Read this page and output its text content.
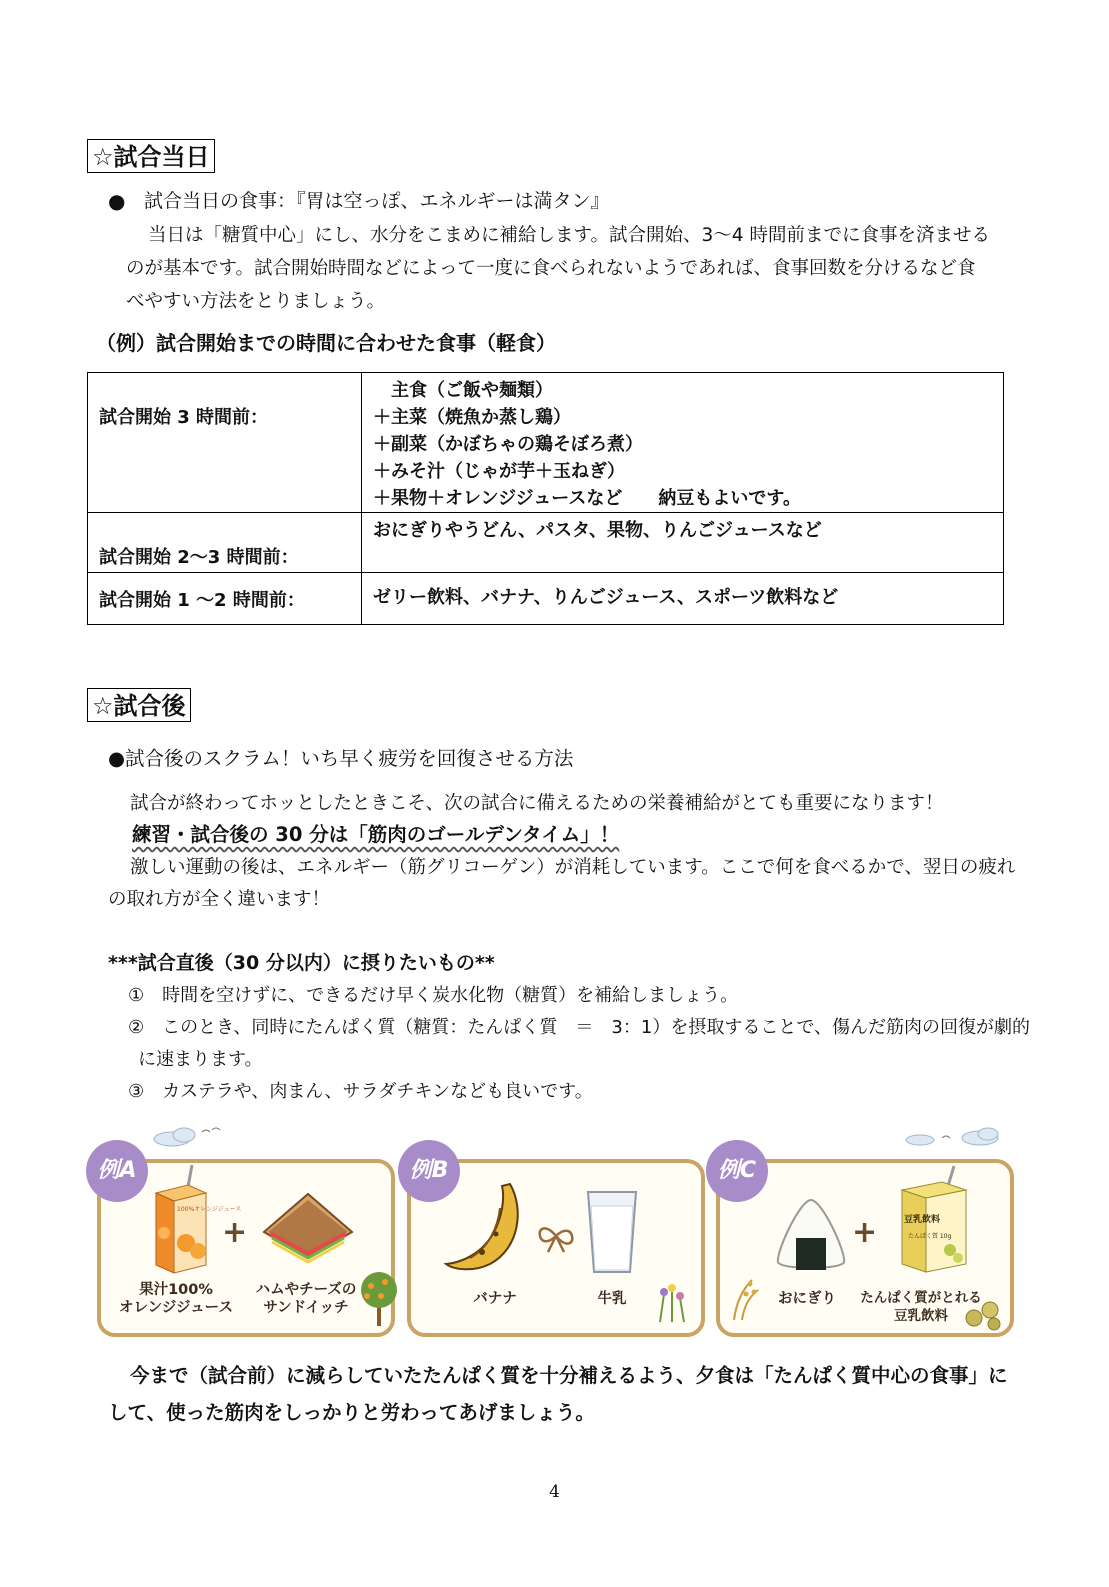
☆試合当日
● 試合当日の食事：『胃は空っぽ、エネルギーは満タン』
当日は「糖質中心」にし、水分をこまめに補給します。試合開始、3～4 時間前までに食事を済ませる
のが基本です。試合開始時間などによって一度に食べられないようであれば、食事回数を分けるなど食
べやすい方法をとりましょう。
（例）試合開始までの時間に合わせた食事（軽食）
試合開始 3 時間前：	　主食（ご飯や麺類）
＋主菜（焼魚か蒸し鶏）
＋副菜（かぼちゃの鶏そぼろ煮）
＋みそ汁（じゃが芋＋玉ねぎ）
＋果物＋オレンジジュースなど　　納豆もよいです。

試合開始 2～3 時間前：	おにぎりやうどん、パスタ、果物、りんごジュースなど
試合開始 1 ～2 時間前：	ゼリー飲料、バナナ、りんごジュース、スポーツ飲料など
☆試合後
●試合後のスクラム！いち早く疲労を回復させる方法
試合が終わってホッとしたときこそ、次の試合に備えるための栄養補給がとても重要になります！
練習・試合後の 30 分は「筋肉のゴールデンタイム」！
激しい運動の後は、エネルギー（筋グリコーゲン）が消耗しています。ここで何を食べるかで、翌日の疲れ
の取れ方が全く違います！
***試合直後（30 分以内）に摂りたいもの**
①　時間を空けずに、できるだけ早く炭水化物（糖質）を補給しましょう。
②　このとき、同時にたんぱく質（糖質：たんぱく質　＝　3：1）を摂取することで、傷んだ筋肉の回復が劇的
に速まります。
③　カステラや、肉まん、サラダチキンなども良いです。
例A
100%オレンジジュース
+
果汁100%
オレンジジュース
ハムやチーズの
サンドイッチ
例B
バナナ	牛乳
例C
+	豆乳飲料
たんぱく質 10g
おにぎり	たんぱく質がとれる
豆乳飲料
今まで（試合前）に減らしていたたんぱく質を十分補えるよう、夕食は「たんぱく質中心の食事」に
して、使った筋肉をしっかりと労わってあげましょう。
4
